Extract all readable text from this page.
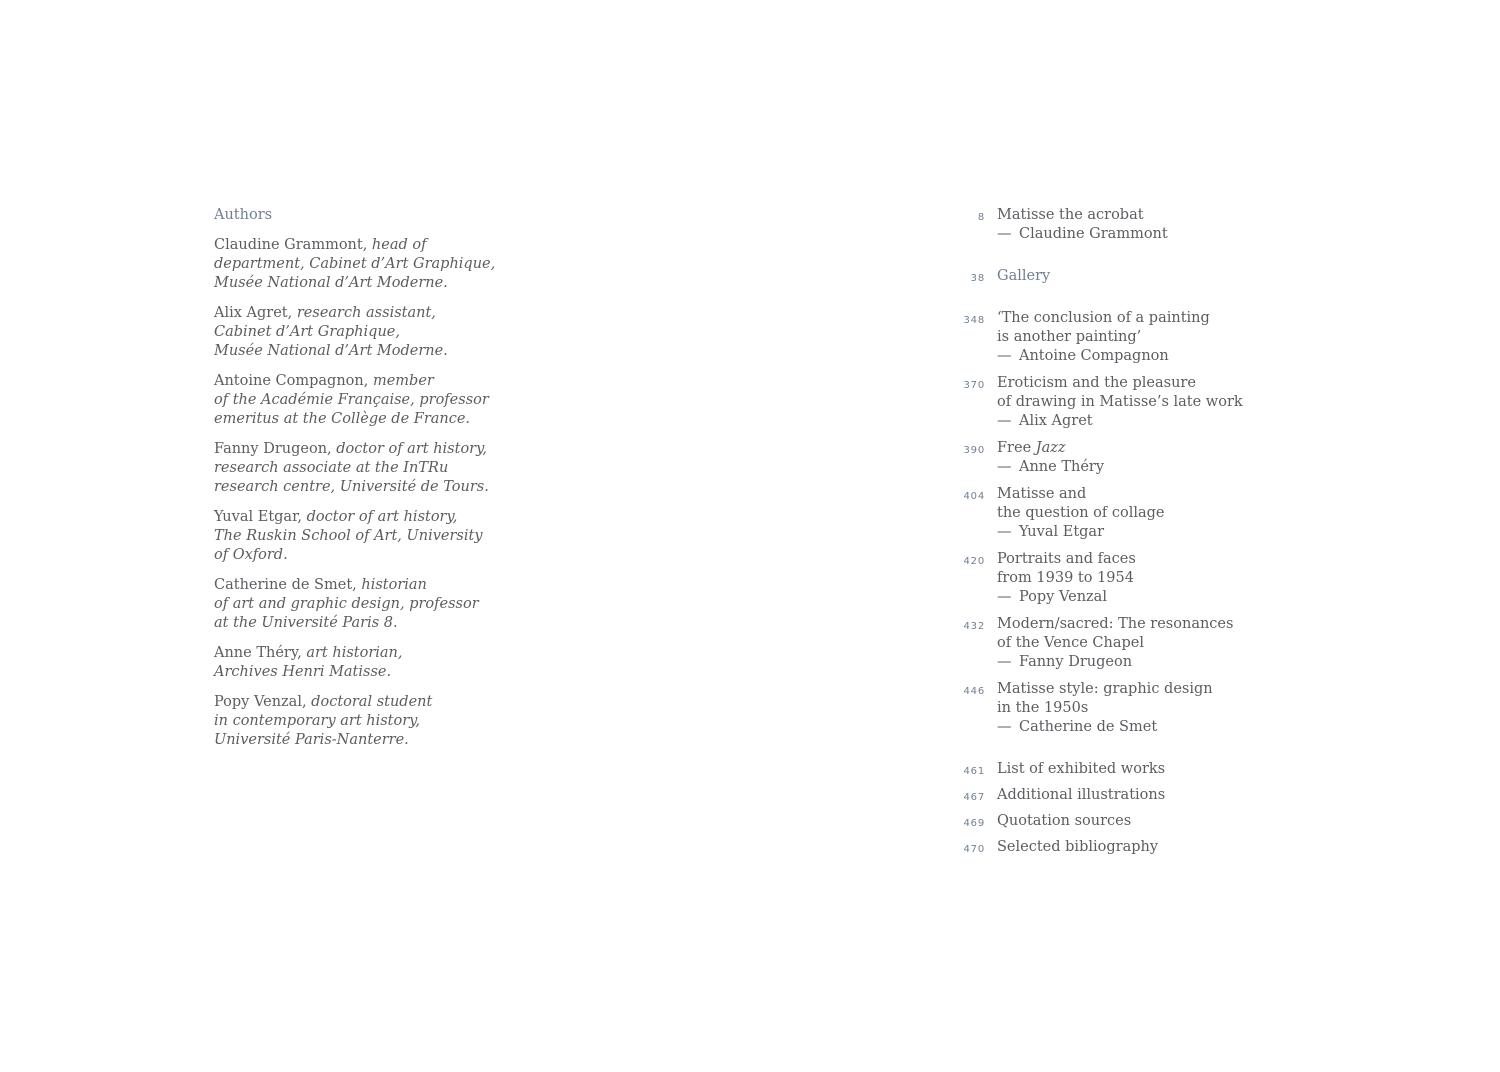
Authors
Claudine Grammont, head of
department, Cabinet d’Art Graphique,
Musée National d’Art Moderne.
Alix Agret, research assistant,
Cabinet d’Art Graphique,
Musée National d’Art Moderne.
Antoine Compagnon, member
of the Académie Française, professor
emeritus at the Collège de France.
Fanny Drugeon, doctor of art history,
research associate at the InTRu
research centre, Université de Tours.
Yuval Etgar, doctor of art history,
The Ruskin School of Art, University
of Oxford.
Catherine de Smet, historian
of art and graphic design, professor
at the Université Paris 8.
Anne Théry, art historian,
Archives Henri Matisse.
Popy Venzal, doctoral student
in contemporary art history,
Université Paris-Nanterre.
8 Matisse the acrobat
— Claudine Grammont
38 Gallery
348 ‘The conclusion of a painting
is another painting’
— Antoine Compagnon
370 Eroticism and the pleasure
of drawing in Matisse’s late work
— Alix Agret
390 Free Jazz
— Anne Théry
404 Matisse and
the question of collage
— Yuval Etgar
420 Portraits and faces
from 1939 to 1954
— Popy Venzal
432 Modern/sacred: The resonances
of the Vence Chapel
— Fanny Drugeon
446 Matisse style: graphic design
in the 1950s
— Catherine de Smet
461 List of exhibited works
467 Additional illustrations
469 Quotation sources
470 Selected bibliography
